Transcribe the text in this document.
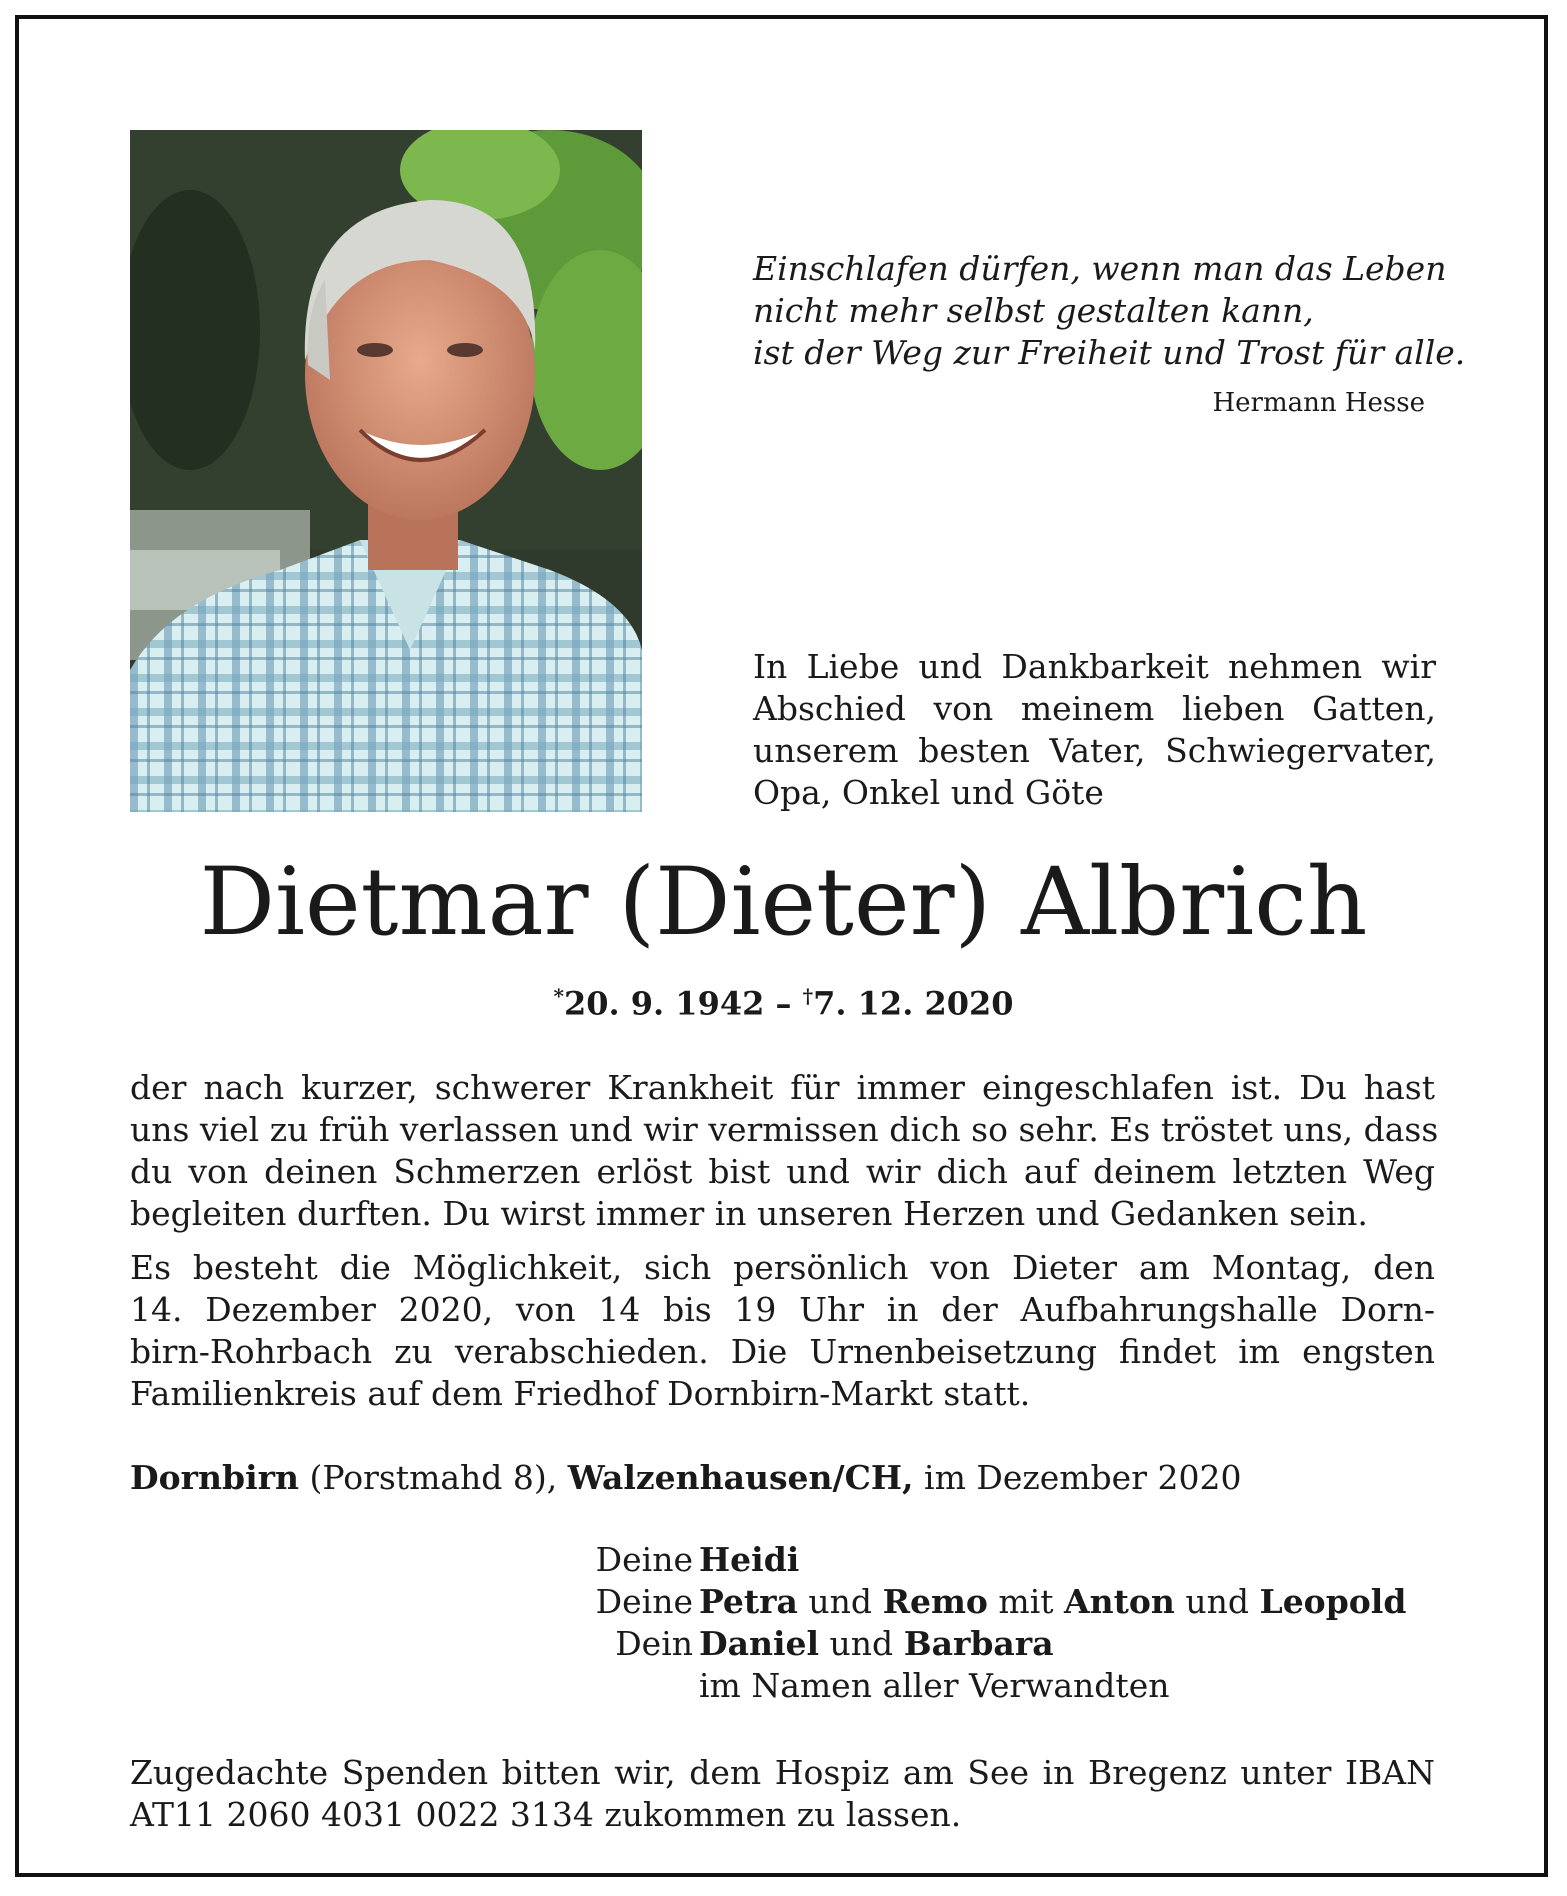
Einschlafen dürfen, wenn man das Leben
nicht mehr selbst gestalten kann,
ist der Weg zur Freiheit und Trost für alle.
Hermann Hesse
In Liebe und Dankbarkeit nehmen wir
Abschied von meinem lieben Gatten,
unserem besten Vater, Schwiegervater,
Opa, Onkel und Göte
Dietmar (Dieter) Albrich
*20. 9. 1942 – †7. 12. 2020
der nach kurzer, schwerer Krankheit für immer eingeschlafen ist. Du hast
uns viel zu früh verlassen und wir vermissen dich so sehr. Es tröstet uns, dass
du von deinen Schmerzen erlöst bist und wir dich auf deinem letzten Weg
begleiten durften. Du wirst immer in unseren Herzen und Gedanken sein.
Es besteht die Möglichkeit, sich persönlich von Dieter am Montag, den
14. Dezember 2020, von 14 bis 19 Uhr in der Aufbahrungshalle Dorn-
birn-Rohrbach zu verabschieden. Die Urnenbeisetzung findet im engsten
Familienkreis auf dem Friedhof Dornbirn-Markt statt.
Dornbirn (Porstmahd 8), Walzenhausen/CH, im Dezember 2020
Deine Heidi
Deine Petra und Remo mit Anton und Leopold
Dein Daniel und Barbara
im Namen aller Verwandten
Zugedachte Spenden bitten wir, dem Hospiz am See in Bregenz unter IBAN
AT11 2060 4031 0022 3134 zukommen zu lassen.
